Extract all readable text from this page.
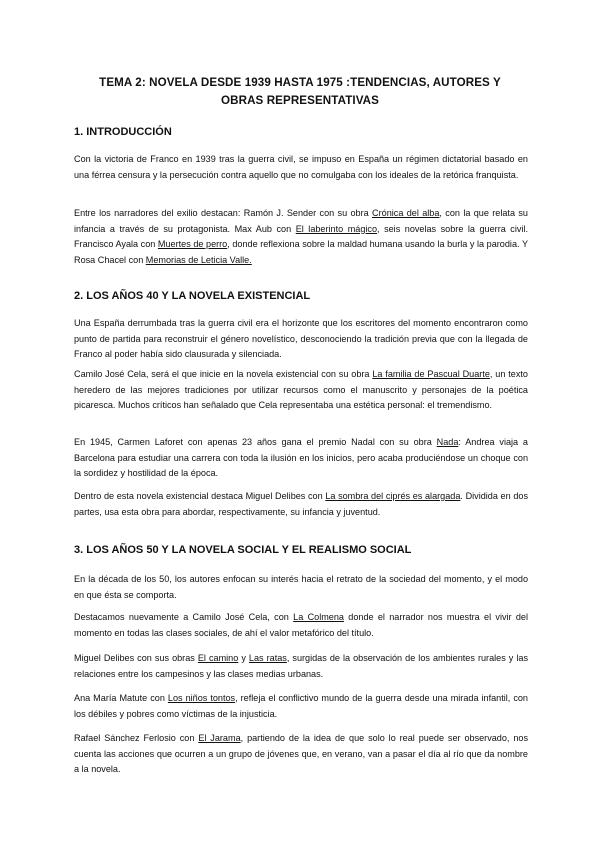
TEMA 2: NOVELA DESDE 1939 HASTA 1975 :TENDENCIAS, AUTORES Y
OBRAS REPRESENTATIVAS
1. INTRODUCCIÓN

Con la victoria de Franco en 1939 tras la guerra civil, se impuso en España un régimen dictatorial basado en una férrea censura y la persecución contra aquello que no comulgaba con los ideales de la retórica franquista.

Entre los narradores del exilio destacan: Ramón J. Sender con su obra Crónica del alba, con la que relata su infancia a través de su protagonista. Max Aub con El laberinto mágico, seis novelas sobre la guerra civil. Francisco Ayala con Muertes de perro, donde reflexiona sobre la maldad humana usando la burla y la parodia. Y Rosa Chacel con Memorias de Leticia Valle.

2. LOS AÑOS 40 Y LA NOVELA EXISTENCIAL

Una España derrumbada tras la guerra civil era el horizonte que los escritores del momento encontraron como punto de partida para reconstruir el género novelístico, desconociendo la tradición previa que con la llegada de Franco al poder había sido clausurada y silenciada.

Camilo José Cela, será el que inicie en la novela existencial con su obra La familia de Pascual Duarte, un texto heredero de las mejores tradiciones por utilizar recursos como el manuscrito y personajes de la poética picaresca. Muchos críticos han señalado que Cela representaba una estética personal: el tremendismo.

En 1945, Carmen Laforet con apenas 23 años gana el premio Nadal con su obra Nada: Andrea viaja a Barcelona para estudiar una carrera con toda la ilusión en los inicios, pero acaba produciéndose un choque con la sordidez y hostilidad de la época.

Dentro de esta novela existencial destaca Miguel Delibes con La sombra del ciprés es alargada. Dividida en dos partes, usa esta obra para abordar, respectivamente, su infancia y juventud.

3. LOS AÑOS 50 Y LA NOVELA SOCIAL Y EL REALISMO SOCIAL

En la década de los 50, los autores enfocan su interés hacia el retrato de la sociedad del momento, y el modo en que ésta se comporta.

Destacamos nuevamente a Camilo José Cela, con La Colmena donde el narrador nos muestra el vivir del momento en todas las clases sociales, de ahí el valor metafórico del título.

Miguel Delibes con sus obras El camino y Las ratas, surgidas de la observación de los ambientes rurales y las relaciones entre los campesinos y las clases medias urbanas.

Ana María Matute con Los niños tontos, refleja el conflictivo mundo de la guerra desde una mirada infantil, con los débiles y pobres como víctimas de la injusticia.

Rafael Sánchez Ferlosio con El Jarama, partiendo de la idea de que solo lo real puede ser observado, nos cuenta las acciones que ocurren a un grupo de jóvenes que, en verano, van a pasar el día al río que da nombre a la novela.
